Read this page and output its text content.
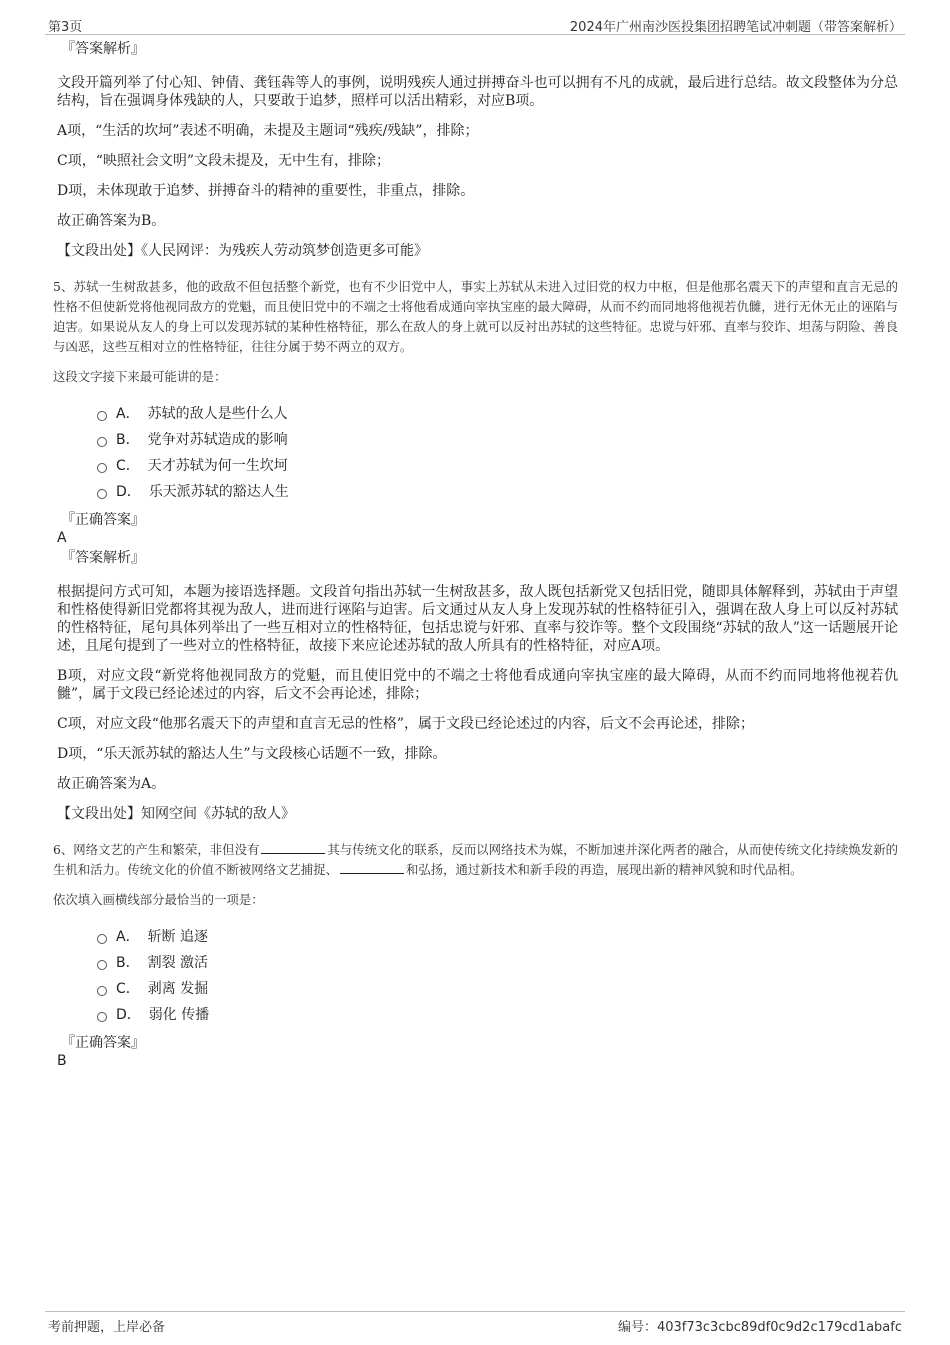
第3页	2024年广州南沙医投集团招聘笔试冲刺题（带答案解析）
『答案解析』

文段开篇列举了付心知、钟倩、龚钰犇等人的事例，说明残疾人通过拼搏奋斗也可以拥有不凡的成就，最后进行总结。故文段整体为分总结构，旨在强调身体残缺的人，只要敢于追梦，照样可以活出精彩，对应B项。

A项，“生活的坎坷”表述不明确，未提及主题词“残疾/残缺”，排除；

C项，“映照社会文明”文段未提及，无中生有，排除；

D项，未体现敢于追梦、拼搏奋斗的精神的重要性，非重点，排除。

故正确答案为B。

【文段出处】《人民网评：为残疾人劳动筑梦创造更多可能》

5、苏轼一生树敌甚多，他的政敌不但包括整个新党，也有不少旧党中人，事实上苏轼从未进入过旧党的权力中枢，但是他那名震天下的声望和直言无忌的性格不但使新党将他视同敌方的党魁，而且使旧党中的不端之士将他看成通向宰执宝座的最大障碍，从而不约而同地将他视若仇雠，进行无休无止的诬陷与迫害。如果说从友人的身上可以发现苏轼的某种性格特征，那么在敌人的身上就可以反衬出苏轼的这些特征。忠谠与奸邪、直率与狡诈、坦荡与阴险、善良与凶恶，这些互相对立的性格特征，往往分属于势不两立的双方。

这段文字接下来最可能讲的是：
A． 苏轼的敌人是些什么人
B． 党争对苏轼造成的影响
C． 天才苏轼为何一生坎坷
D． 乐天派苏轼的豁达人生
『正确答案』
A
『答案解析』

根据提问方式可知，本题为接语选择题。文段首句指出苏轼一生树敌甚多，敌人既包括新党又包括旧党，随即具体解释到，苏轼由于声望和性格使得新旧党都将其视为敌人，进而进行诬陷与迫害。后文通过从友人身上发现苏轼的性格特征引入，强调在敌人身上可以反衬苏轼的性格特征，尾句具体列举出了一些互相对立的性格特征，包括忠谠与奸邪、直率与狡诈等。整个文段围绕“苏轼的敌人”这一话题展开论述，且尾句提到了一些对立的性格特征，故接下来应论述苏轼的敌人所具有的性格特征，对应A项。

B项，对应文段“新党将他视同敌方的党魁，而且使旧党中的不端之士将他看成通向宰执宝座的最大障碍，从而不约而同地将他视若仇雠”，属于文段已经论述过的内容，后文不会再论述，排除；

C项，对应文段“他那名震天下的声望和直言无忌的性格”，属于文段已经论述过的内容，后文不会再论述，排除；

D项，“乐天派苏轼的豁达人生”与文段核心话题不一致，排除。

故正确答案为A。

【文段出处】知网空间《苏轼的敌人》

6、网络文艺的产生和繁荣，非但没有	其与传统文化的联系，反而以网络技术为媒，不断加速并深化两者的融合，从而使传统文化持续焕发新的生机和活力。传统文化的价值不断被网络文艺捕捉、	和弘扬，通过新技术和新手段的再造，展现出新的精神风貌和时代品相。

依次填入画横线部分最恰当的一项是：
A． 斩断 追逐
B． 割裂 激活
C． 剥离 发掘
D． 弱化 传播
『正确答案』
B
考前押题，上岸必备	编号：403f73c3cbc89df0c9d2c179cd1abafc
